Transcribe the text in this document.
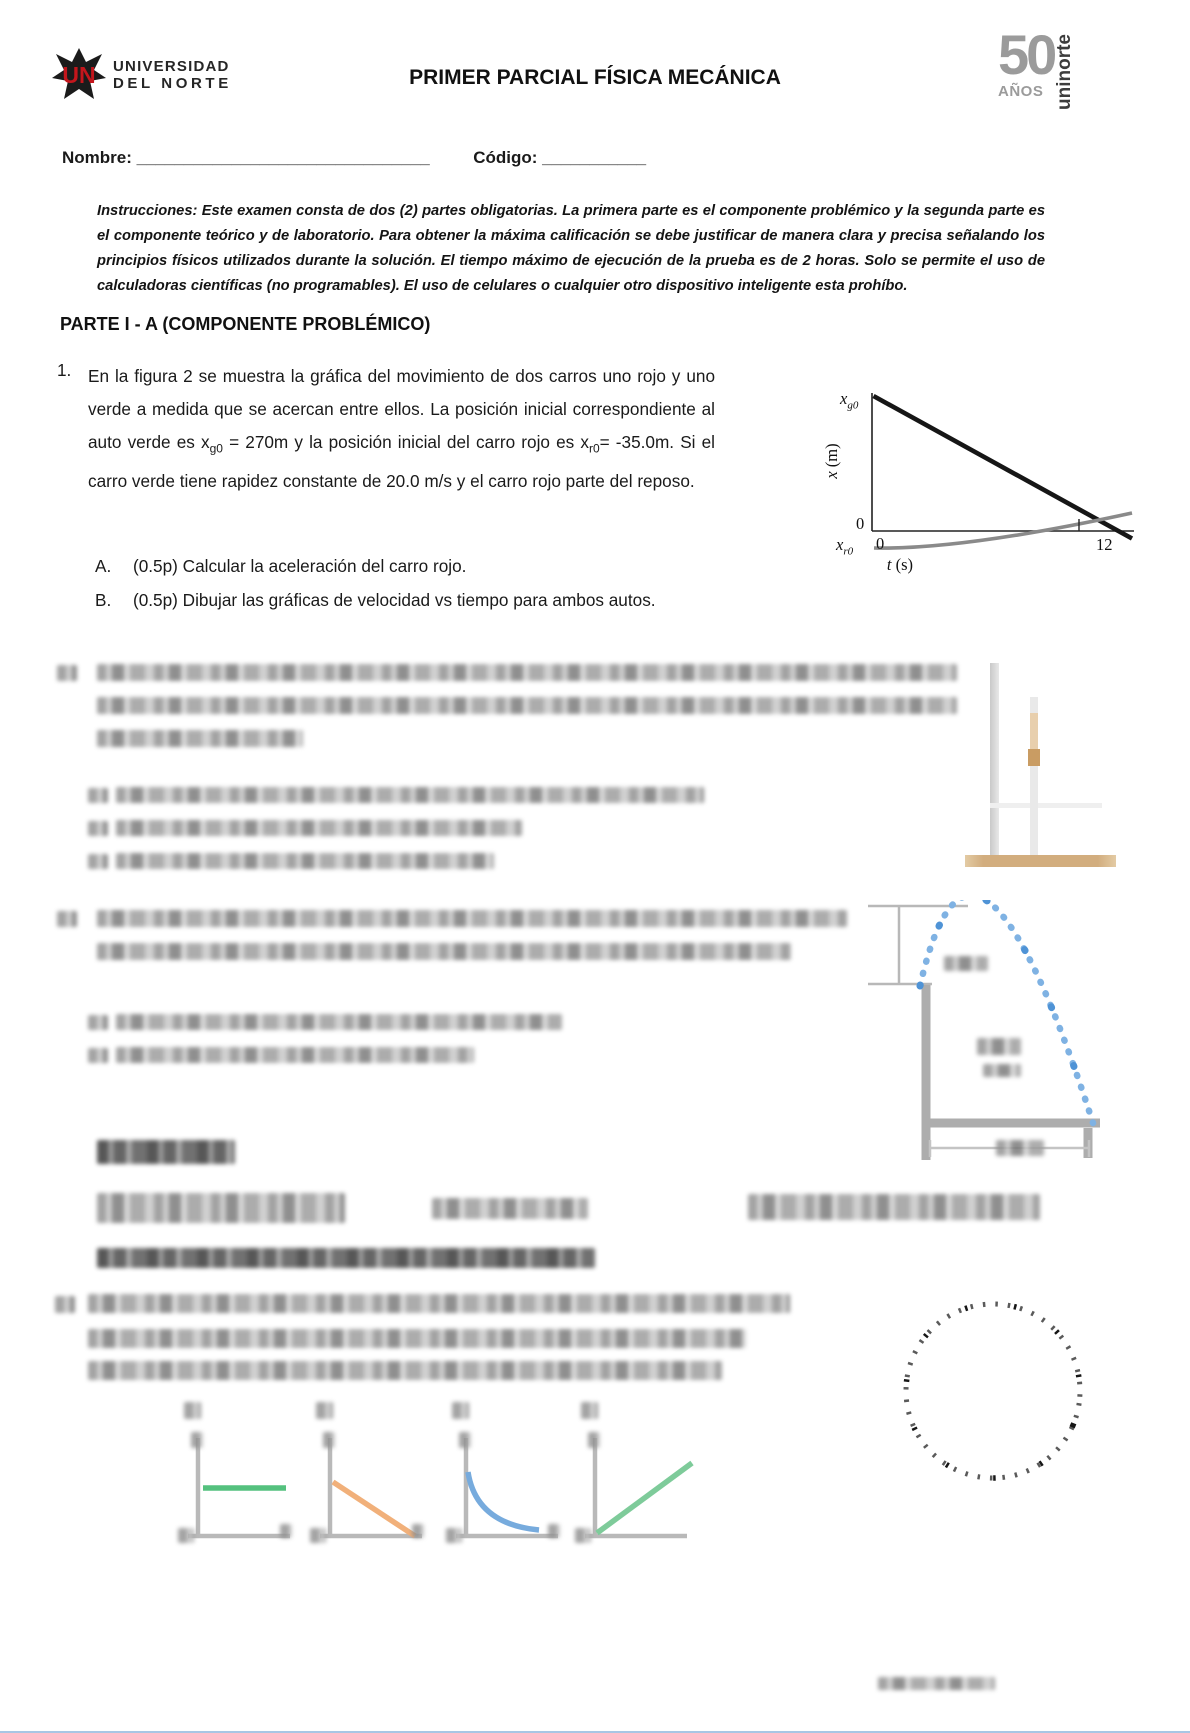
UN UNIVERSIDAD
DEL NORTE	PRIMER PARCIAL FÍSICA MECÁNICA	50
AÑOS uninorte
Nombre: _______________________________	Código: ___________
Instrucciones: Este examen consta de dos (2) partes obligatorias. La primera parte es el componente problémico y la segunda parte es el componente teórico y de laboratorio. Para obtener la máxima calificación se debe justificar de manera clara y precisa señalando los principios físicos utilizados durante la solución. El tiempo máximo de ejecución de la prueba es de 2 horas. Solo se permite el uso de calculadoras científicas (no programables). El uso de celulares o cualquier otro dispositivo inteligente esta prohíbo.
PARTE I - A (COMPONENTE PROBLÉMICO)
1. En la figura 2 se muestra la gráfica del movimiento de dos carros uno rojo y uno verde a medida que se acercan entre ellos. La posición inicial correspondiente al auto verde es $x_{g0} = 270m$ y la posición inicial del carro rojo es $x_{r0}= -35.0m$. Si el carro verde tiene rapidez constante de 20.0 m/s y el carro rojo parte del reposo.
A.	(0.5p) Calcular la aceleración del carro rojo.
B.	(0.5p) Dibujar las gráficas de velocidad vs tiempo para ambos autos.
$x_{g0}$
x (m)
0
$x_{r0}$ 0	12
t (s)
